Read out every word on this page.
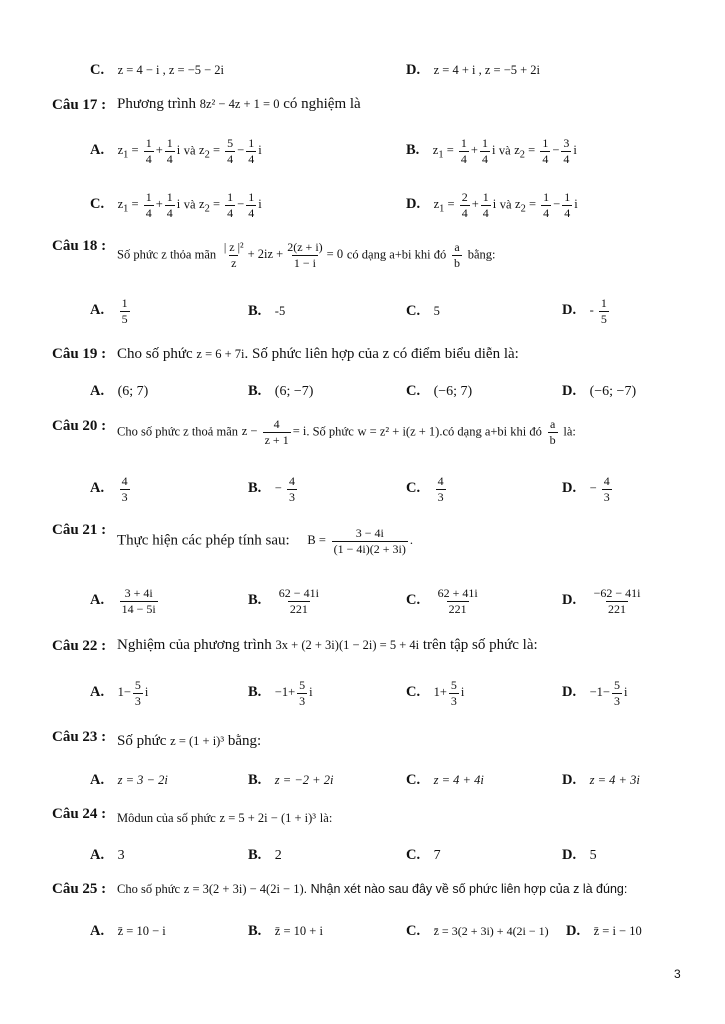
C. z = 4 − i , z = −5 − 2i	D. z = 4 + i , z = −5 + 2i
Câu 17 : Phương trình 8z² − 4z + 1 = 0 có nghiệm là
A. $z_1 = \frac{1}{4} + \frac{1}{4}$ i và $z_2 = \frac{5}{4} - \frac{1}{4}$ i	B. $z_1 = \frac{1}{4} + \frac{1}{4}$ i và $z_2 = \frac{1}{4} - \frac{3}{4}$ i
C. $z_1 = \frac{1}{4} + \frac{1}{4}$ i và $z_2 = \frac{1}{4} - \frac{1}{4}$ i	D. $z_1 = \frac{2}{4} + \frac{1}{4}$ i và $z_2 = \frac{1}{4} - \frac{1}{4}$ i
Câu 18 :
Số phức z thỏa mãn $\frac{\text{| z |²}}{z} + 2iz + \frac{2(z + i)}{1 - i} = 0$ có dạng a+bi khi đó $\frac{a}{b}$ bằng:
A. $\frac{1}{5}$	B. -5	C. 5	D. - $\frac{1}{5}$
Câu 19 : Cho số phức z = 6 + 7i. Số phức liên hợp của z có điểm biểu diễn là:
A. (6; 7)	B. (6; −7)	C. (−6; 7)	D. (−6; −7)
Câu 20 : Cho số phức z thoả mãn $z - \frac{4}{z + 1} = i$. Số phức w = z² + i(z + 1).có dạng a+bi khi đó $\frac{a}{b}$ là:
A. $\frac{4}{3}$	B. − $\frac{4}{3}$	C. $\frac{4}{3}$	D. − $\frac{4}{3}$
Câu 21 :
Thực hiện các phép tính sau: $B = \frac{3 - 4i}{(1 - 4i)(2 + 3i)}$ .
A. $\frac{3 + 4i}{14 - 5i}$	B. $\frac{62 - 41i}{221}$	C. $\frac{62 + 41i}{221}$	D. $\frac{-62 - 41i}{221}$
Câu 22 : Nghiệm của phương trình 3x + (2 + 3i)(1 − 2i) = 5 + 4i trên tập số phức là:
A. $1- \frac{5}{3}$ i	B. $-1+ \frac{5}{3}$ i	C. $1+ \frac{5}{3}$ i	D. $-1- \frac{5}{3}$ i
Câu 23 : Số phức z = (1 + i)³ bằng:
A. z = 3 − 2i	B. z = −2 + 2i	C. z = 4 + 4i	D. z = 4 + 3i
Câu 24 : Môdun của số phức z = 5 + 2i − (1 + i)³ là:
A. 3	B. 2	C. 7	D. 5
Câu 25 : Cho số phức z = 3(2 + 3i) − 4(2i − 1). Nhận xét nào sau đây về số phức liên hợp của z là đúng:
A. z̄ = 10 − i	B. z̄ = 10 + i	C. z̄ = 3(2 + 3i) + 4(2i − 1) D. z̄ = i − 10
3
